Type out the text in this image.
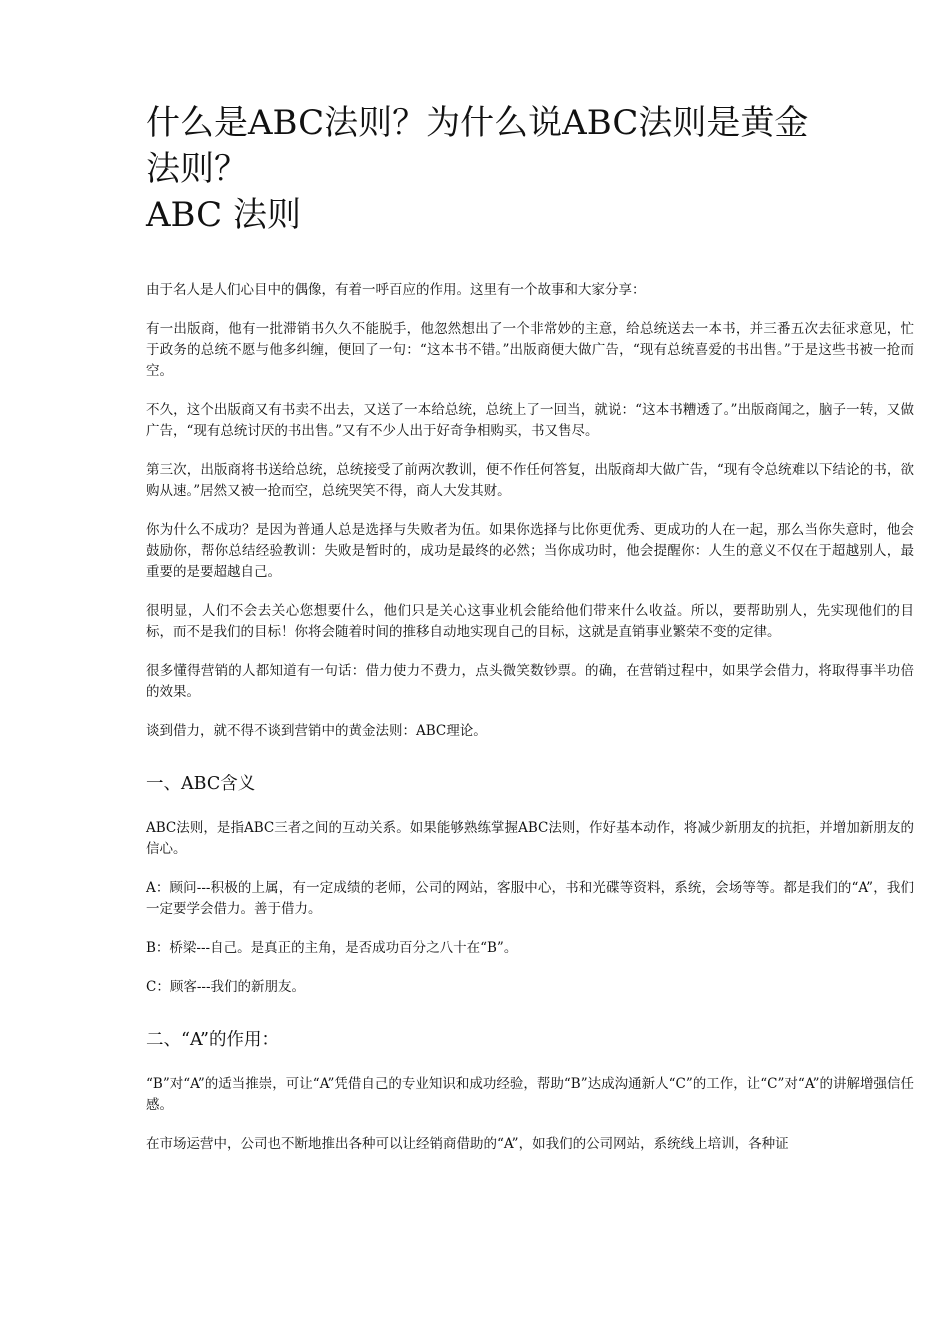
什么是ABC法则？为什么说ABC法则是黄金
法则？
ABC 法则

由于名人是人们心目中的偶像，有着一呼百应的作用。这里有一个故事和大家分享：

有一出版商，他有一批滞销书久久不能脱手，他忽然想出了一个非常妙的主意，给总统送去一本书，并三番五次去征求意见，忙于政务的总统不愿与他多纠缠，便回了一句：“这本书不错。”出版商便大做广告，“现有总统喜爱的书出售。”于是这些书被一抢而空。

不久，这个出版商又有书卖不出去，又送了一本给总统，总统上了一回当，就说：“这本书糟透了。”出版商闻之，脑子一转，又做广告，“现有总统讨厌的书出售。”又有不少人出于好奇争相购买，书又售尽。

第三次，出版商将书送给总统，总统接受了前两次教训，便不作任何答复，出版商却大做广告，“现有令总统难以下结论的书，欲购从速。”居然又被一抢而空，总统哭笑不得，商人大发其财。

你为什么不成功？是因为普通人总是选择与失败者为伍。如果你选择与比你更优秀、更成功的人在一起，那么当你失意时，他会鼓励你，帮你总结经验教训：失败是暂时的，成功是最终的必然；当你成功时，他会提醒你：人生的意义不仅在于超越别人，最重要的是要超越自己。

很明显，人们不会去关心您想要什么，他们只是关心这事业机会能给他们带来什么收益。所以，要帮助别人，先实现他们的目标，而不是我们的目标！你将会随着时间的推移自动地实现自己的目标，这就是直销事业繁荣不变的定律。

很多懂得营销的人都知道有一句话：借力使力不费力，点头微笑数钞票。的确，在营销过程中，如果学会借力，将取得事半功倍的效果。

谈到借力，就不得不谈到营销中的黄金法则：ABC理论。

一、ABC含义

ABC法则，是指ABC三者之间的互动关系。如果能够熟练掌握ABC法则，作好基本动作，将减少新朋友的抗拒，并增加新朋友的信心。

A：顾问---积极的上属，有一定成绩的老师，公司的网站，客服中心，书和光碟等资料，系统，会场等等。都是我们的“A”，我们一定要学会借力。善于借力。

B：桥梁---自己。是真正的主角，是否成功百分之八十在“B”。

C：顾客---我们的新朋友。

二、“A”的作用：

“B”对“A”的适当推崇，可让“A”凭借自己的专业知识和成功经验，帮助“B”达成沟通新人“C”的工作，让“C”对“A”的讲解增强信任感。

在市场运营中，公司也不断地推出各种可以让经销商借助的“A”，如我们的公司网站，系统线上培训，各种证
